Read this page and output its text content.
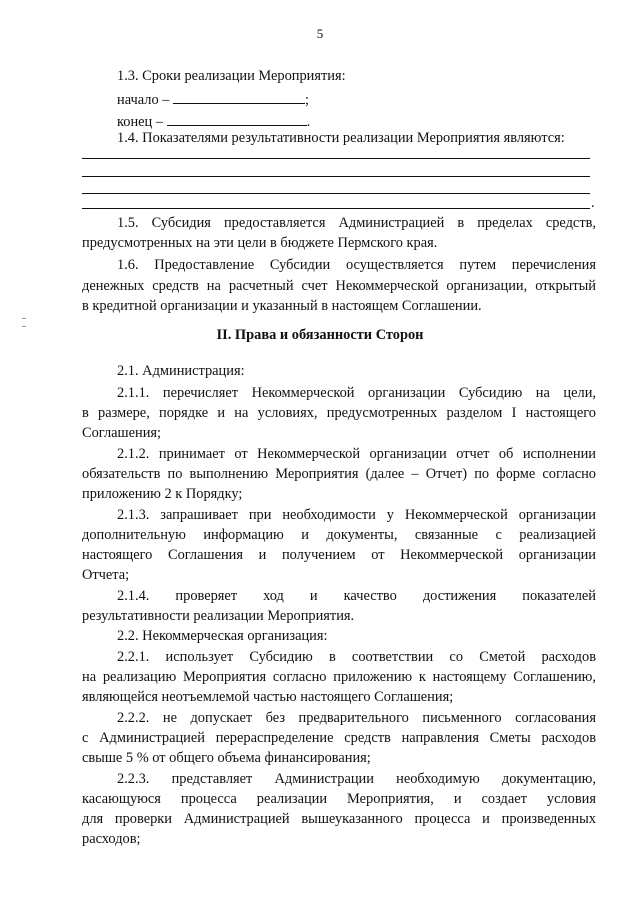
5
1.3. Сроки реализации Мероприятия:
начало –	;
конец –	.
1.4. Показателями результативности реализации Мероприятия являются:
.
1.5. Субсидия предоставляется Администрацией в пределах средств,
предусмотренных на эти цели в бюджете Пермского края.
1.6. Предоставление Субсидии осуществляется путем перечисления
денежных средств на расчетный счет Некоммерческой организации, открытый
в кредитной организации и указанный в настоящем Соглашении.
II. Права и обязанности Сторон
2.1. Администрация:
2.1.1. перечисляет Некоммерческой организации Субсидию на цели,
в размере, порядке и на условиях, предусмотренных разделом I настоящего
Соглашения;
2.1.2. принимает от Некоммерческой организации отчет об исполнении
обязательств по выполнению Мероприятия (далее – Отчет) по форме согласно
приложению 2 к Порядку;
2.1.3. запрашивает при необходимости у Некоммерческой организации
дополнительную информацию и документы, связанные с реализацией
настоящего Соглашения и получением от Некоммерческой организации
Отчета;
2.1.4. проверяет ход и качество достижения показателей
результативности реализации Мероприятия.
2.2. Некоммерческая организация:
2.2.1. использует Субсидию в соответствии со Сметой расходов
на реализацию Мероприятия согласно приложению к настоящему Соглашению,
являющейся неотъемлемой частью настоящего Соглашения;
2.2.2. не допускает без предварительного письменного согласования
с Администрацией перераспределение средств направления Сметы расходов
свыше 5 % от общего объема финансирования;
2.2.3. представляет Администрации необходимую документацию,
касающуюся процесса реализации Мероприятия, и создает условия
для проверки Администрацией вышеуказанного процесса и произведенных
расходов;
